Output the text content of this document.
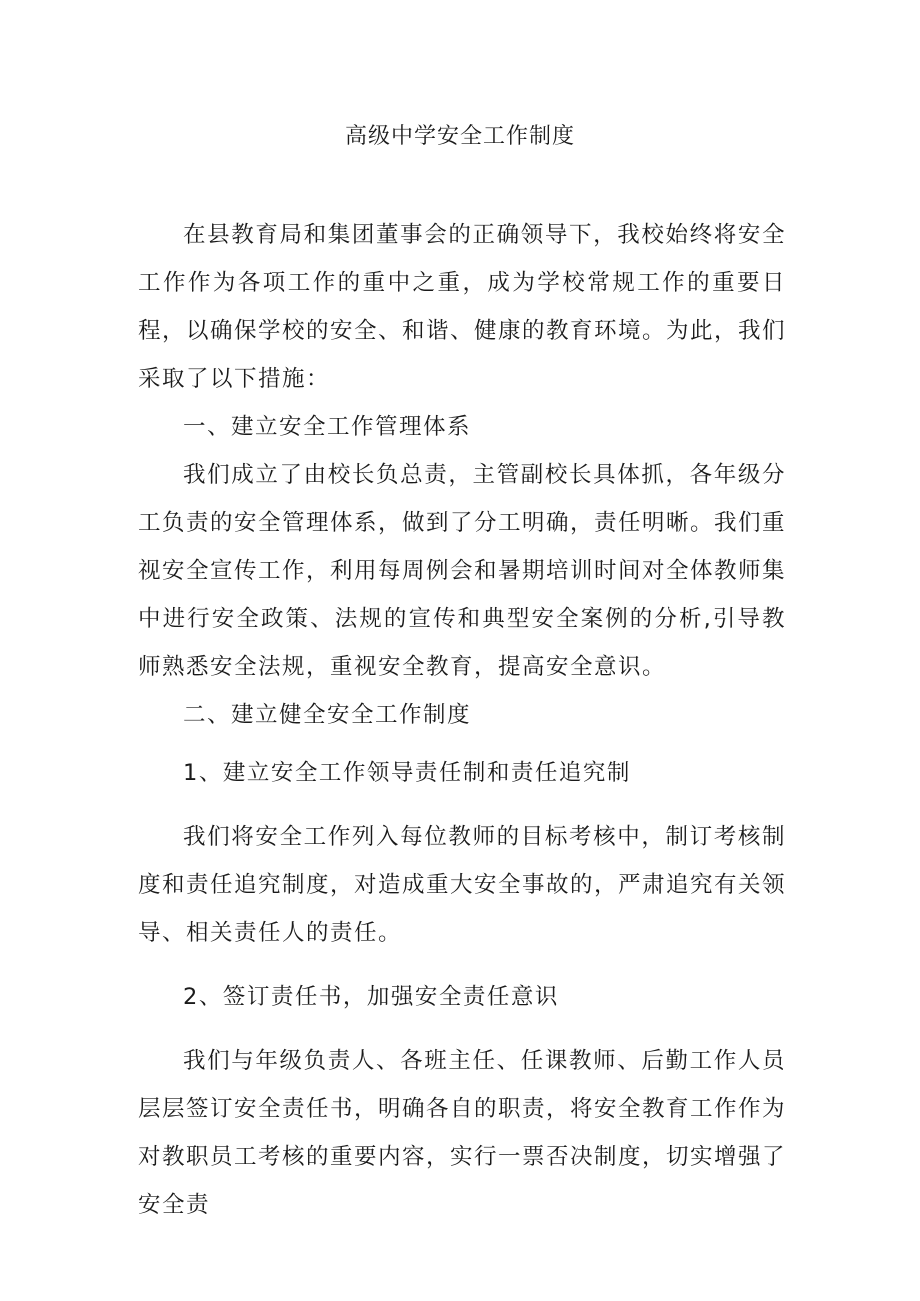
高级中学安全工作制度

在县教育局和集团董事会的正确领导下，我校始终将安全工作作为各项工作的重中之重，成为学校常规工作的重要日程，以确保学校的安全、和谐、健康的教育环境。为此，我们采取了以下措施：

一、建立安全工作管理体系

我们成立了由校长负总责，主管副校长具体抓，各年级分工负责的安全管理体系，做到了分工明确，责任明晰。我们重视安全宣传工作，利用每周例会和暑期培训时间对全体教师集中进行安全政策、法规的宣传和典型安全案例的分析,引导教师熟悉安全法规，重视安全教育，提高安全意识。

二、建立健全安全工作制度

1、建立安全工作领导责任制和责任追究制

我们将安全工作列入每位教师的目标考核中，制订考核制度和责任追究制度，对造成重大安全事故的，严肃追究有关领导、相关责任人的责任。

2、签订责任书，加强安全责任意识

我们与年级负责人、各班主任、任课教师、后勤工作人员层层签订安全责任书，明确各自的职责，将安全教育工作作为对教职员工考核的重要内容，实行一票否决制度，切实增强了安全责
